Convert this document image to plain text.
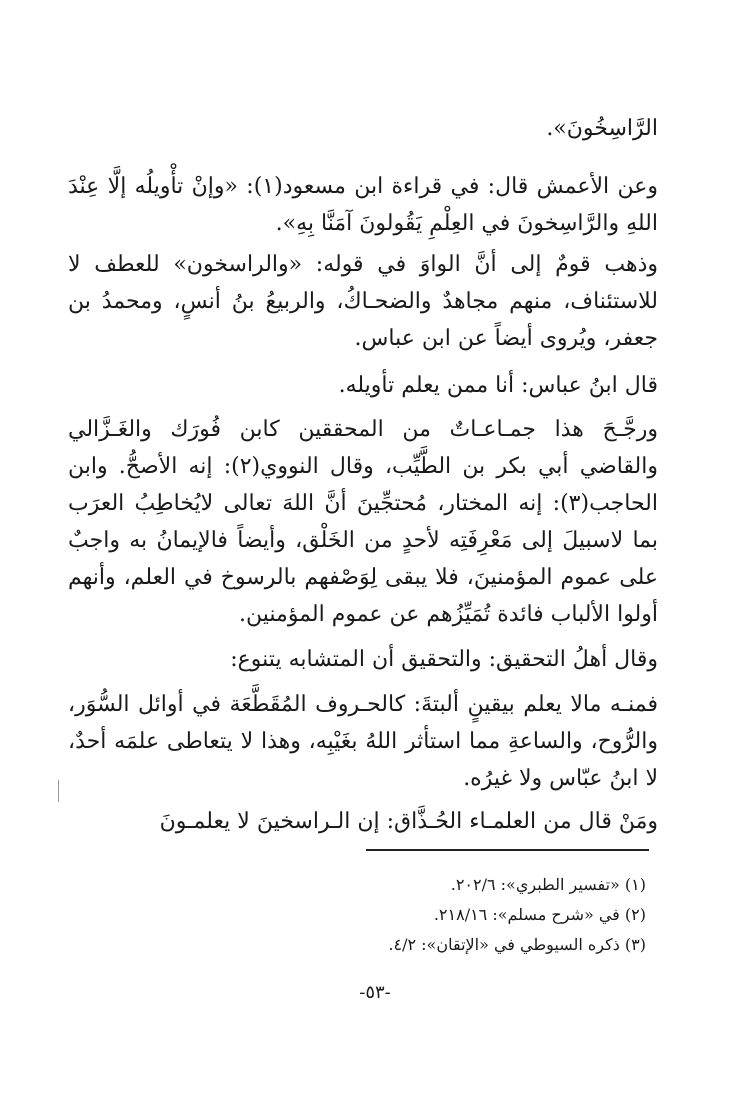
الرَّاسِخُونَ».
وعن الأعمش قال: في قراءة ابن مسعود(١): «وإنْ تأْويلُه إلَّا عِنْدَ اللهِ والرَّاسِخونَ في العِلْمِ يَقُولونَ آمَنَّا بِهِ».
وذهب قومٌ إلى أنَّ الواوَ في قوله: «والراسخون» للعطف لا للاستئناف، منهم مجاهدٌ والضحـاكُ، والربيعُ بنُ أنسٍ، ومحمدُ بن جعفر، ويُروى أيضاً عن ابن عباس.
قال ابنُ عباس: أنا ممن يعلم تأويله.
ورجَّـحَ هذا جمـاعـاتٌ من المحققين كابن فُورَك والغَـزَّالي والقاضي أبي بكر بن الطَّيِّب، وقال النووي(٢): إنه الأصحُّ. وابن الحاجب(٣): إنه المختار، مُحتجِّينَ أنَّ اللهَ تعالى لايُخاطِبُ العرَب بما لاسبيلَ إلى مَعْرِفَتِه لأحدٍ من الخَلْق، وأيضاً فالإيمانُ به واجبٌ على عموم المؤمنينَ، فلا يبقى لِوَصْفهم بالرسوخ في العلم، وأنهم أولوا الألباب فائدة تُمَيِّزُهم عن عموم المؤمنين.
وقال أهلُ التحقيق: والتحقيق أن المتشابه يتنوع:
فمنـه مالا يعلم بيقينٍ ألبتةَ: كالحـروف المُقَطَّعَة في أوائل السُّوَر، والرُّوح، والساعةِ مما استأثر اللهُ بغَيْبِه، وهذا لا يتعاطى علمَه أحدٌ، لا ابنُ عبّاس ولا غيرُه.
ومَنْ قال من العلمـاء الحُـذَّاق: إن الـراسخينَ لا يعلمـونَ
(١) «تفسير الطبري»: ٢٠٢/٦.
(٢) في «شرح مسلم»: ٢١٨/١٦.
(٣) ذكره السيوطي في «الإتقان»: ٤/٢.
-٥٣-
